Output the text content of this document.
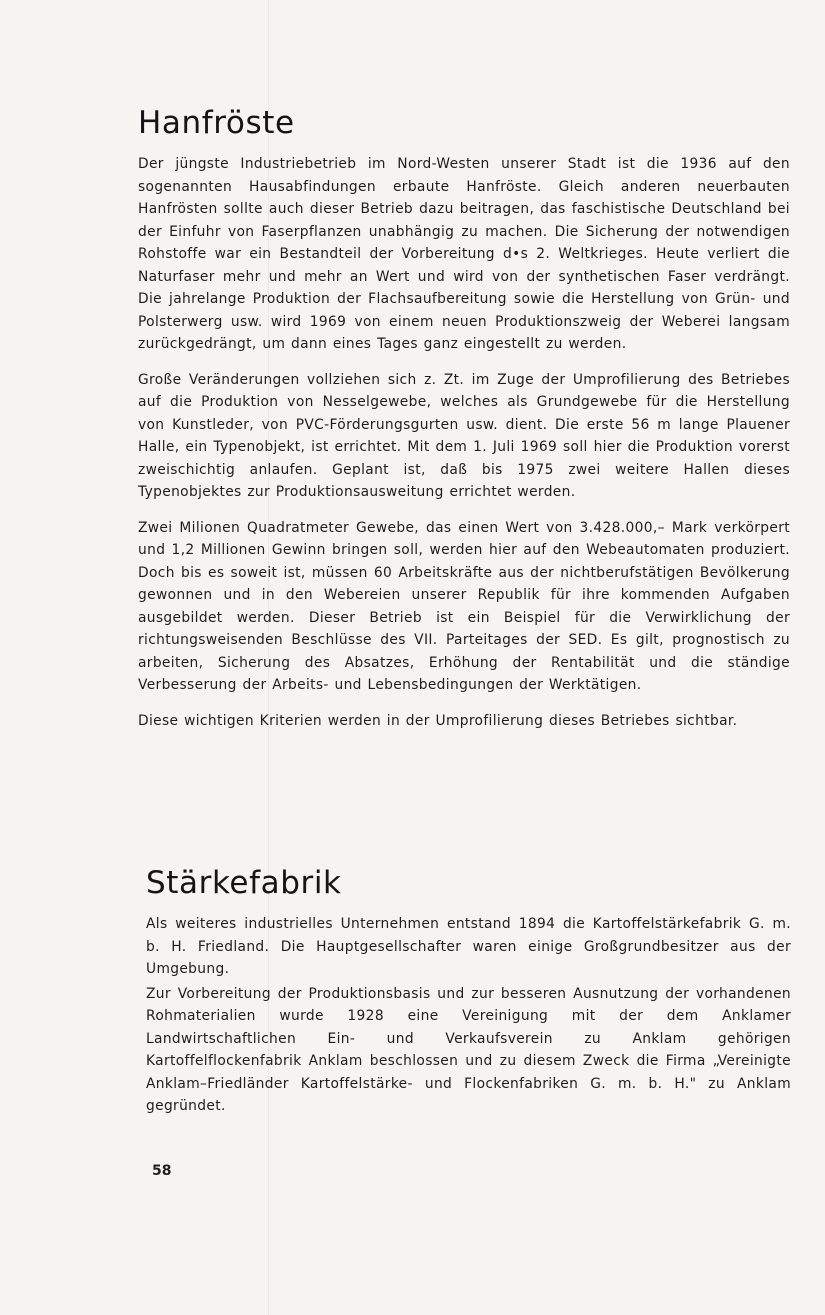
Hanfröste

Der jüngste Industriebetrieb im Nord-Westen unserer Stadt ist die 1936 auf den sogenannten Hausabfindungen erbaute Hanfröste. Gleich anderen neuerbauten Hanfrösten sollte auch dieser Betrieb dazu beitragen, das faschistische Deutschland bei der Einfuhr von Faserpflanzen unabhängig zu machen. Die Sicherung der notwendigen Rohstoffe war ein Bestandteil der Vorbereitung d•s 2. Weltkrieges. Heute verliert die Naturfaser mehr und mehr an Wert und wird von der synthetischen Faser verdrängt. Die jahrelange Produktion der Flachsaufbereitung sowie die Herstellung von Grün- und Polsterwerg usw. wird 1969 von einem neuen Produktionszweig der Weberei langsam zurückgedrängt, um dann eines Tages ganz eingestellt zu werden.

Große Veränderungen vollziehen sich z. Zt. im Zuge der Umprofilierung des Betriebes auf die Produktion von Nesselgewebe, welches als Grundgewebe für die Herstellung von Kunstleder, von PVC-Förderungsgurten usw. dient. Die erste 56 m lange Plauener Halle, ein Typenobjekt, ist errichtet. Mit dem 1. Juli 1969 soll hier die Produktion vorerst zweischichtig anlaufen. Geplant ist, daß bis 1975 zwei weitere Hallen dieses Typenobjektes zur Produktionsausweitung errichtet werden.

Zwei Milionen Quadratmeter Gewebe, das einen Wert von 3.428.000,– Mark verkörpert und 1,2 Millionen Gewinn bringen soll, werden hier auf den Webeautomaten produziert. Doch bis es soweit ist, müssen 60 Arbeitskräfte aus der nichtberufstätigen Bevölkerung gewonnen und in den Webereien unserer Republik für ihre kommenden Aufgaben ausgebildet werden. Dieser Betrieb ist ein Beispiel für die Verwirklichung der richtungsweisenden Beschlüsse des VII. Parteitages der SED. Es gilt, prognostisch zu arbeiten, Sicherung des Absatzes, Erhöhung der Rentabilität und die ständige Verbesserung der Arbeits- und Lebensbedingungen der Werktätigen.

Diese wichtigen Kriterien werden in der Umprofilierung dieses Betriebes sichtbar.

Stärkefabrik

Als weiteres industrielles Unternehmen entstand 1894 die Kartoffelstärkefabrik G. m. b. H. Friedland. Die Hauptgesellschafter waren einige Großgrundbesitzer aus der Umgebung.

Zur Vorbereitung der Produktionsbasis und zur besseren Ausnutzung der vorhandenen Rohmaterialien wurde 1928 eine Vereinigung mit der dem Anklamer Landwirtschaftlichen Ein- und Verkaufsverein zu Anklam gehörigen Kartoffelflockenfabrik Anklam beschlossen und zu diesem Zweck die Firma „Vereinigte Anklam–Friedländer Kartoffelstärke- und Flockenfabriken G. m. b. H." zu Anklam gegründet.

58
